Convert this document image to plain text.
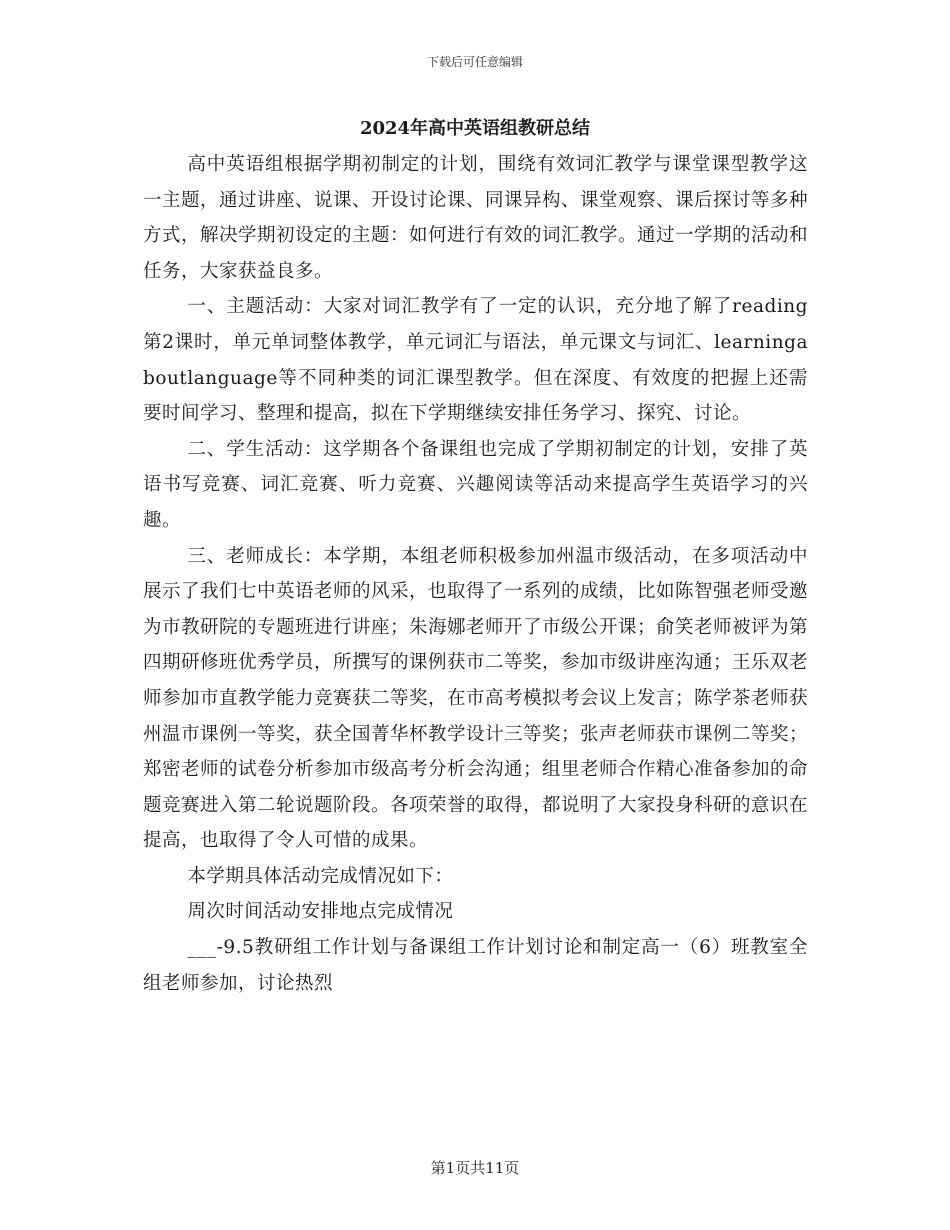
下载后可任意编辑
2024年高中英语组教研总结

高中英语组根据学期初制定的计划，围绕有效词汇教学与课堂课型教学这一主题，通过讲座、说课、开设讨论课、同课异构、课堂观察、课后探讨等多种方式，解决学期初设定的主题：如何进行有效的词汇教学。通过一学期的活动和任务，大家获益良多。

一、主题活动：大家对词汇教学有了一定的认识，充分地了解了reading第2课时，单元单词整体教学，单元词汇与语法，单元课文与词汇、learningaboutlanguage等不同种类的词汇课型教学。但在深度、有效度的把握上还需要时间学习、整理和提高，拟在下学期继续安排任务学习、探究、讨论。

二、学生活动：这学期各个备课组也完成了学期初制定的计划，安排了英语书写竞赛、词汇竞赛、听力竞赛、兴趣阅读等活动来提高学生英语学习的兴趣。

三、老师成长：本学期，本组老师积极参加州温市级活动，在多项活动中展示了我们七中英语老师的风采，也取得了一系列的成绩，比如陈智强老师受邀为市教研院的专题班进行讲座；朱海娜老师开了市级公开课；俞笑老师被评为第四期研修班优秀学员，所撰写的课例获市二等奖，参加市级讲座沟通；王乐双老师参加市直教学能力竞赛获二等奖，在市高考模拟考会议上发言；陈学茶老师获州温市课例一等奖，获全国菁华杯教学设计三等奖；张声老师获市课例二等奖；郑密老师的试卷分析参加市级高考分析会沟通；组里老师合作精心准备参加的命题竞赛进入第二轮说题阶段。各项荣誉的取得，都说明了大家投身科研的意识在提高，也取得了令人可惜的成果。

本学期具体活动完成情况如下：

周次时间活动安排地点完成情况

___-9.5教研组工作计划与备课组工作计划讨论和制定高一（6）班教室全组老师参加，讨论热烈

第1页共11页
